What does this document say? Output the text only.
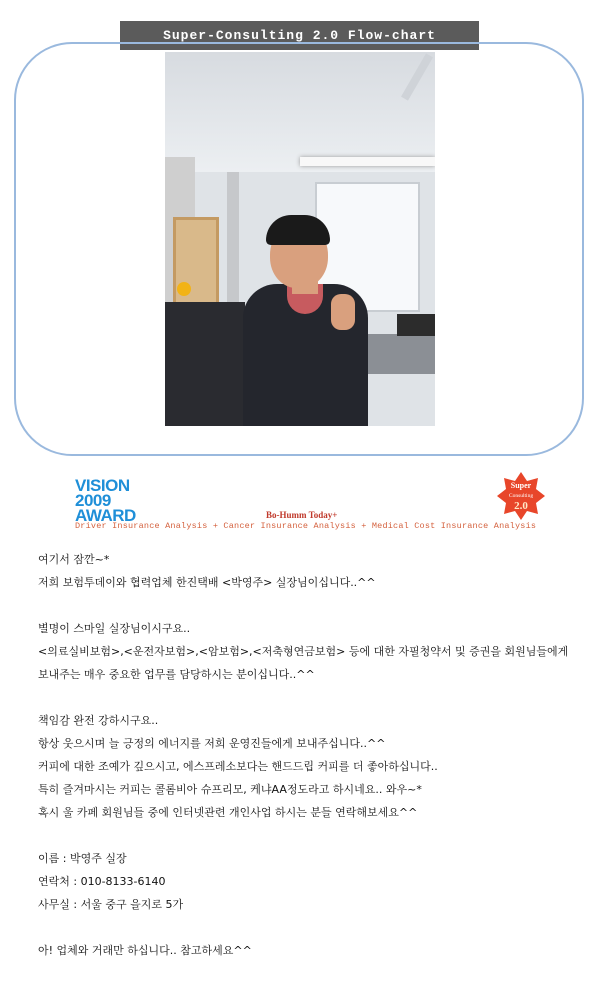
Super-Consulting 2.0 Flow-chart
VISION
2009
AWARD	Bo-Humm Today+
Driver Insurance Analysis + Cancer Insurance Analysis + Medical Cost Insurance Analysis
Super
Consulting
2.0

여기서 잠깐~*

저희 보험투데이와 협력업체 한진택배 <박영주> 실장님이십니다..^^

별명이 스마일 실장님이시구요..

<의료실비보험>,<운전자보험>,<암보험>,<저축형연금보험> 등에 대한 자필청약서 및 증권을 회원님들에게

보내주는 매우 중요한 업무를 담당하시는 분이십니다..^^

책임감 완전 강하시구요..

항상 웃으시며 늘 긍정의 에너지를 저희 운영진들에게 보내주십니다..^^

커피에 대한 조예가 깊으시고, 에스프레소보다는 핸드드립 커피를 더 좋아하십니다..

특히 즐겨마시는 커피는 콜롬비아 슈프리모, 케냐AA정도라고 하시네요.. 와우~*

혹시 울 카페 회원님들 중에 인터넷관련 개인사업 하시는 분들 연락해보세요^^

이름 : 박영주 실장

연락처 : 010-8133-6140

사무실 : 서울 중구 을지로 5가

아! 업체와 거래만 하십니다.. 참고하세요^^
